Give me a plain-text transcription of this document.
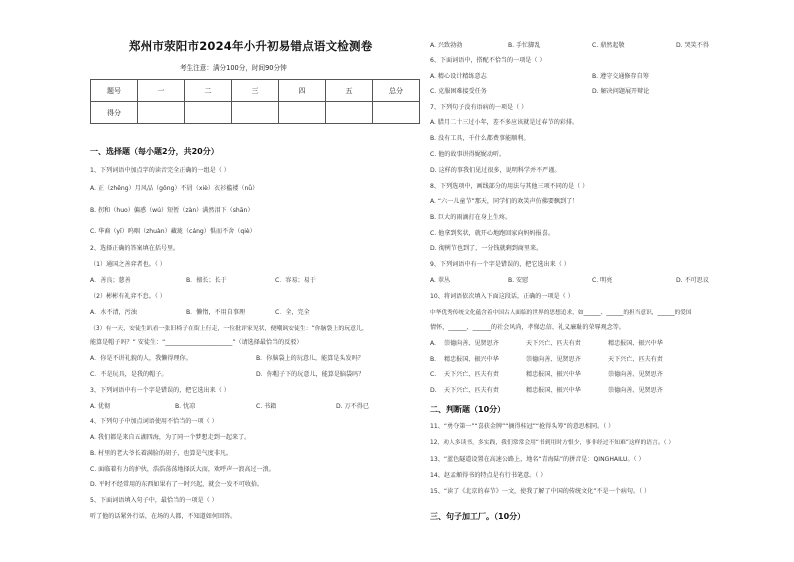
郑州市荥阳市2024年小升初易错点语文检测卷
考生注意：满分100分，时间90分钟
题号	一	二	三	四	五	总分
得分						
一、选择题（每小题2分，共20分）
1、下列词语中加点字的读音完全正确的一组是（ ）
A. 正（zhēng）月风品（gōng）不屑（xiè）衣衫褴褛（nǚ）
B. 拐和（huo）偏惑（wú）短暂（zàn）满然泪下（shān）
C. 华裔（yī）呜咽（zhuàn）藏珑（cáng）惧而不舍（qiè）
2、选择正确的答案填在括号里。
（1）通国之善弈者也。（ ）
A．善良；慈善	B．擅长；长于	C．容易；易于
（2）彬彬有礼弈不怠。（ ）
A．水不清，污浊	B．懒惰，不用自事理	C．全，完全
（3）有一天，安徒生趴看一张旧椅子在街上行走，一位批评家见状，便嘲讽安徒生：“你脑袋上的玩意儿，
能算是帽子吗？” 安徒生：“______________________”（请选择最恰当的反驳）
A．你是不讲礼貌的人，我懒得理你。	B．你脑袋上的玩意儿，能算是头发吗？
C．不是玩具，是我的帽子。	D．你帽子下的玩意儿，能算是脑袋吗？
3、下列词语中有一个字是错误的，把它选出来（ ）
A. 优彻	B. 忧凉	C. 书籍	D. 万不得已
4、下列句子中加点词语使用不恰当的一项（ ）
A. 我们都是来自五湖四海，为了同一个梦想走到一起来了。
B. 村里的老大爷长着满脸的胡子，也算是气度非凡。
C. 面临着有力的护伙，浩浩荡荡地择沃大而，欢呼声一浪高过一浪。
D. 平时不经常用的东西如果有了一时兴起，就会一发不可收拾。
5、下面词语填入句子中，最恰当的一项是（ ）
听了他的话紧外行话，在场的人都，不知道如何回答。
A. 兴致勃勃	B. 手忙脚乱	C. 鼎然起敬	D. 哭笑不得
6、下面词语中，搭配不恰当的一项是（ ）
A. 精心设计精练意志	B. 遵守交通修存自筹
C. 克服困难接受任务	D. 解决问题展开辩论
7、下列句子没有语病的一项是（ ）
A. 腊月二十三过小年，差不多应该就是过春节的彩排。
B. 没有工具，千什么都费事能顺利。
C. 他的故事讲得娓娓动听。
D. 这样的事我们见过很多，说明科学并不严谨。
8、下列选项中，画线部分的用法与其他三项不同的是（ ）
A. “六一儿童节”那天，同学们的欢笑声仿佛要飘到了！
B. 巨大的雨滴打在身上生疼。
C. 他拿到奖状，就开心地跑回家向妈妈报喜。
D. 彻例节也到了，一分钱就剩到商里来。
9、下列词语中有一个字是错误的，把它选出来（ ）
A. 翠丛	B. 安慰	C. 明亮	D. 不可思议
10、将词语依次填入下面这段话，正确的一项是（ ）
中华优秀传统文化蕴含着中国古人面临的世界的思想追求，如______、______的担当意识，______的爱国
情怀，______、______的社会风尚，孝悌忠信、礼义廉耻的荣辱观念等。
A. 崇德向善、见贤思齐	天下兴亡、匹夫有责	精忠报国、振兴中华
B. 精忠报国、振兴中华	崇德向善、见贤思齐	天下兴亡、匹夫有责
C. 天下兴亡、匹夫有责	精忠报国、振兴中华	崇德向善、见贤思齐
D. 天下兴亡、匹夫有责	精忠报国、振兴中华	崇德向善、见贤思齐
二、判断题（10分）
11、“勇夺第一”“喜获金牌”“摘得桂冠”“抢得头筹”的意思相同。（ ）
12、劝人多读书，多实践，我们常常会用“书到用时方恨少，事非经过不知难”这样的语言。（ ）
13、“蓝色隧道设置在高速公路上，地名“青海陆”的拼音是：QINGHAILU。（ ）
14、赵孟頫得书的特点是有行书笔意。（ ）
15、“读了《北京的春节》一文，使我了解了中国的传统文化”不是一个病句。（ ）
三、句子加工厂。（10分）
